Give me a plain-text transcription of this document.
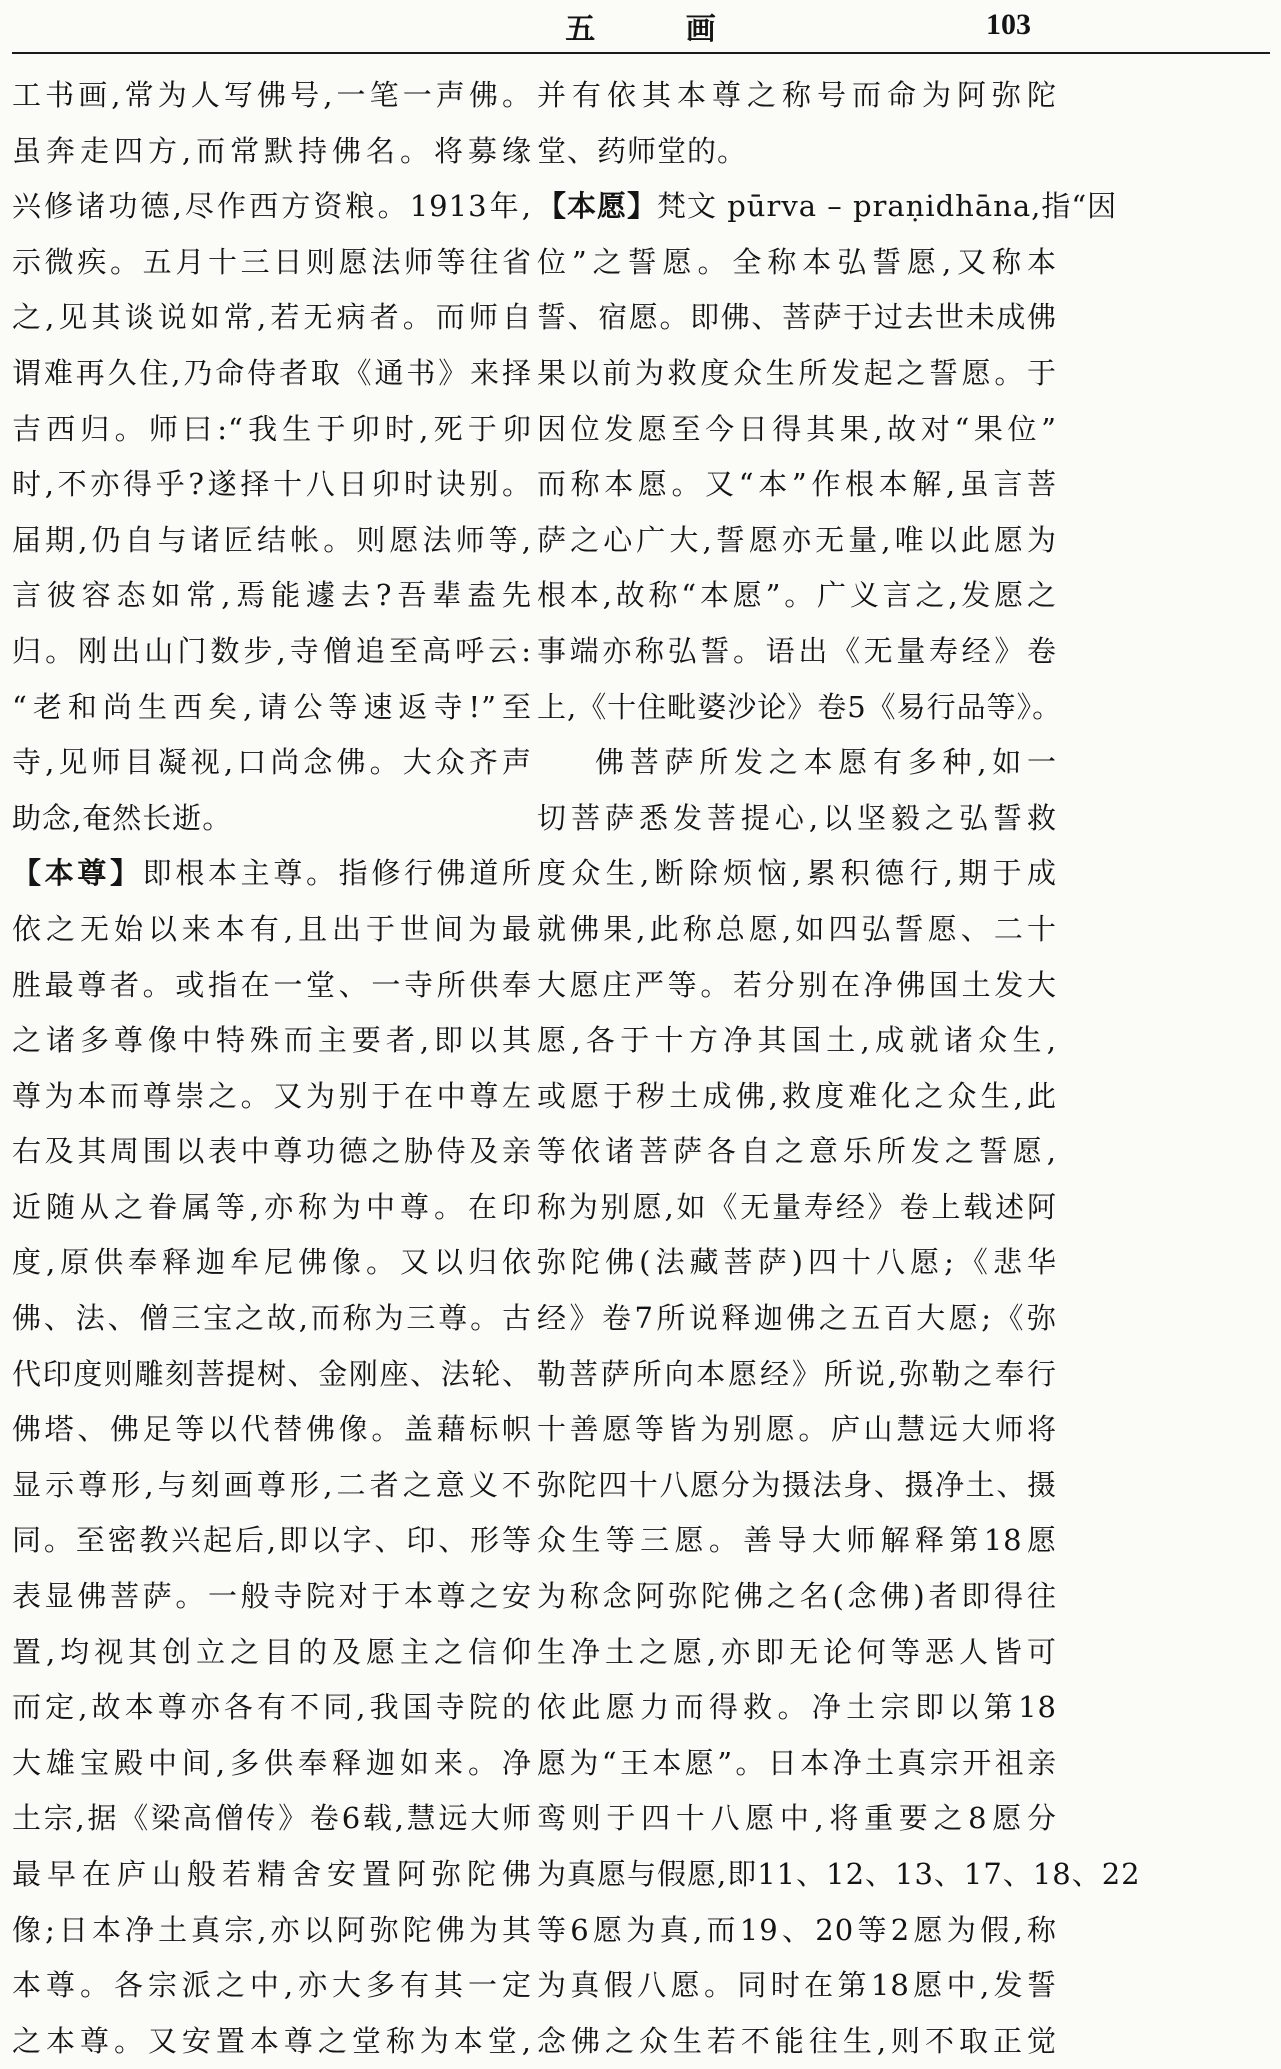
五 画	103
工书画,常为人写佛号,一笔一声佛。
虽奔走四方,而常默持佛名。将募缘
兴修诸功德,尽作西方资粮。1913年,
示微疾。五月十三日则愿法师等往省
之,见其谈说如常,若无病者。而师自
谓难再久住,乃命侍者取《通书》来择
吉西归。师曰:“我生于卯时,死于卯
时,不亦得乎?遂择十八日卯时诀别。
届期,仍自与诸匠结帐。则愿法师等,
言彼容态如常,焉能遽去?吾辈盍先
归。刚出山门数步,寺僧追至高呼云:
“老和尚生西矣,请公等速返寺!”至
寺,见师目凝视,口尚念佛。大众齐声
助念,奄然长逝。
【本尊】即根本主尊。指修行佛道所
依之无始以来本有,且出于世间为最
胜最尊者。或指在一堂、一寺所供奉
之诸多尊像中特殊而主要者,即以其
尊为本而尊崇之。又为别于在中尊左
右及其周围以表中尊功德之胁侍及亲
近随从之眷属等,亦称为中尊。在印
度,原供奉释迦牟尼佛像。又以归依
佛、法、僧三宝之故,而称为三尊。古
代印度则雕刻菩提树、金刚座、法轮、
佛塔、佛足等以代替佛像。盖藉标帜
显示尊形,与刻画尊形,二者之意义不
同。至密教兴起后,即以字、印、形等
表显佛菩萨。一般寺院对于本尊之安
置,均视其创立之目的及愿主之信仰
而定,故本尊亦各有不同,我国寺院的
大雄宝殿中间,多供奉释迦如来。净
土宗,据《梁高僧传》卷6载,慧远大师
最早在庐山般若精舍安置阿弥陀佛
像;日本净土真宗,亦以阿弥陀佛为其
本尊。各宗派之中,亦大多有其一定
之本尊。又安置本尊之堂称为本堂,
并有依其本尊之称号而命为阿弥陀
堂、药师堂的。
【本愿】梵文 pūrva – praṇidhāna,指“因
位”之誓愿。全称本弘誓愿,又称本
誓、宿愿。即佛、菩萨于过去世未成佛
果以前为救度众生所发起之誓愿。于
因位发愿至今日得其果,故对“果位”
而称本愿。又“本”作根本解,虽言菩
萨之心广大,誓愿亦无量,唯以此愿为
根本,故称“本愿”。广义言之,发愿之
事端亦称弘誓。语出《无量寿经》卷
上,《十住毗婆沙论》卷5《易行品等》。
佛菩萨所发之本愿有多种,如一
切菩萨悉发菩提心,以坚毅之弘誓救
度众生,断除烦恼,累积德行,期于成
就佛果,此称总愿,如四弘誓愿、二十
大愿庄严等。若分别在净佛国土发大
愿,各于十方净其国土,成就诸众生,
或愿于秽土成佛,救度难化之众生,此
等依诸菩萨各自之意乐所发之誓愿,
称为别愿,如《无量寿经》卷上载述阿
弥陀佛(法藏菩萨)四十八愿;《悲华
经》卷7所说释迦佛之五百大愿;《弥
勒菩萨所向本愿经》所说,弥勒之奉行
十善愿等皆为别愿。庐山慧远大师将
弥陀四十八愿分为摄法身、摄净土、摄
众生等三愿。善导大师解释第18愿
为称念阿弥陀佛之名(念佛)者即得往
生净土之愿,亦即无论何等恶人皆可
依此愿力而得救。净土宗即以第18
愿为“王本愿”。日本净土真宗开祖亲
鸾则于四十八愿中,将重要之8愿分
为真愿与假愿,即11、12、13、17、18、22
等6愿为真,而19、20等2愿为假,称
为真假八愿。同时在第18愿中,发誓
念佛之众生若不能往生,则不取正觉
